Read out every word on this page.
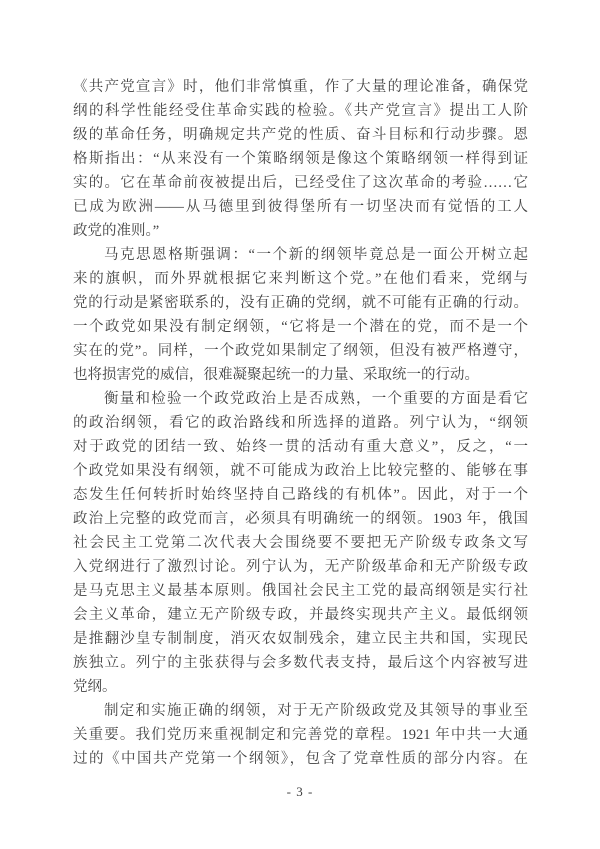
《共产党宣言》时，他们非常慎重，作了大量的理论准备，确保党
纲的科学性能经受住革命实践的检验。《共产党宣言》提出工人阶
级的革命任务，明确规定共产党的性质、奋斗目标和行动步骤。恩
格斯指出：“从来没有一个策略纲领是像这个策略纲领一样得到证
实的。它在革命前夜被提出后，已经受住了这次革命的考验……它
已成为欧洲——从马德里到彼得堡所有一切坚决而有觉悟的工人
政党的准则。”
马克思恩格斯强调：“一个新的纲领毕竟总是一面公开树立起
来的旗帜，而外界就根据它来判断这个党。”在他们看来，党纲与
党的行动是紧密联系的，没有正确的党纲，就不可能有正确的行动。
一个政党如果没有制定纲领，“它将是一个潜在的党，而不是一个
实在的党”。同样，一个政党如果制定了纲领，但没有被严格遵守，
也将损害党的威信，很难凝聚起统一的力量、采取统一的行动。
衡量和检验一个政党政治上是否成熟，一个重要的方面是看它
的政治纲领，看它的政治路线和所选择的道路。列宁认为，“纲领
对于政党的团结一致、始终一贯的活动有重大意义”，反之，“一
个政党如果没有纲领，就不可能成为政治上比较完整的、能够在事
态发生任何转折时始终坚持自己路线的有机体”。因此，对于一个
政治上完整的政党而言，必须具有明确统一的纲领。1903 年，俄国
社会民主工党第二次代表大会围绕要不要把无产阶级专政条文写
入党纲进行了激烈讨论。列宁认为，无产阶级革命和无产阶级专政
是马克思主义最基本原则。俄国社会民主工党的最高纲领是实行社
会主义革命，建立无产阶级专政，并最终实现共产主义。最低纲领
是推翻沙皇专制制度，消灭农奴制残余，建立民主共和国，实现民
族独立。列宁的主张获得与会多数代表支持，最后这个内容被写进
党纲。
制定和实施正确的纲领，对于无产阶级政党及其领导的事业至
关重要。我们党历来重视制定和完善党的章程。1921 年中共一大通
过的《中国共产党第一个纲领》，包含了党章性质的部分内容。在
- 3 -
